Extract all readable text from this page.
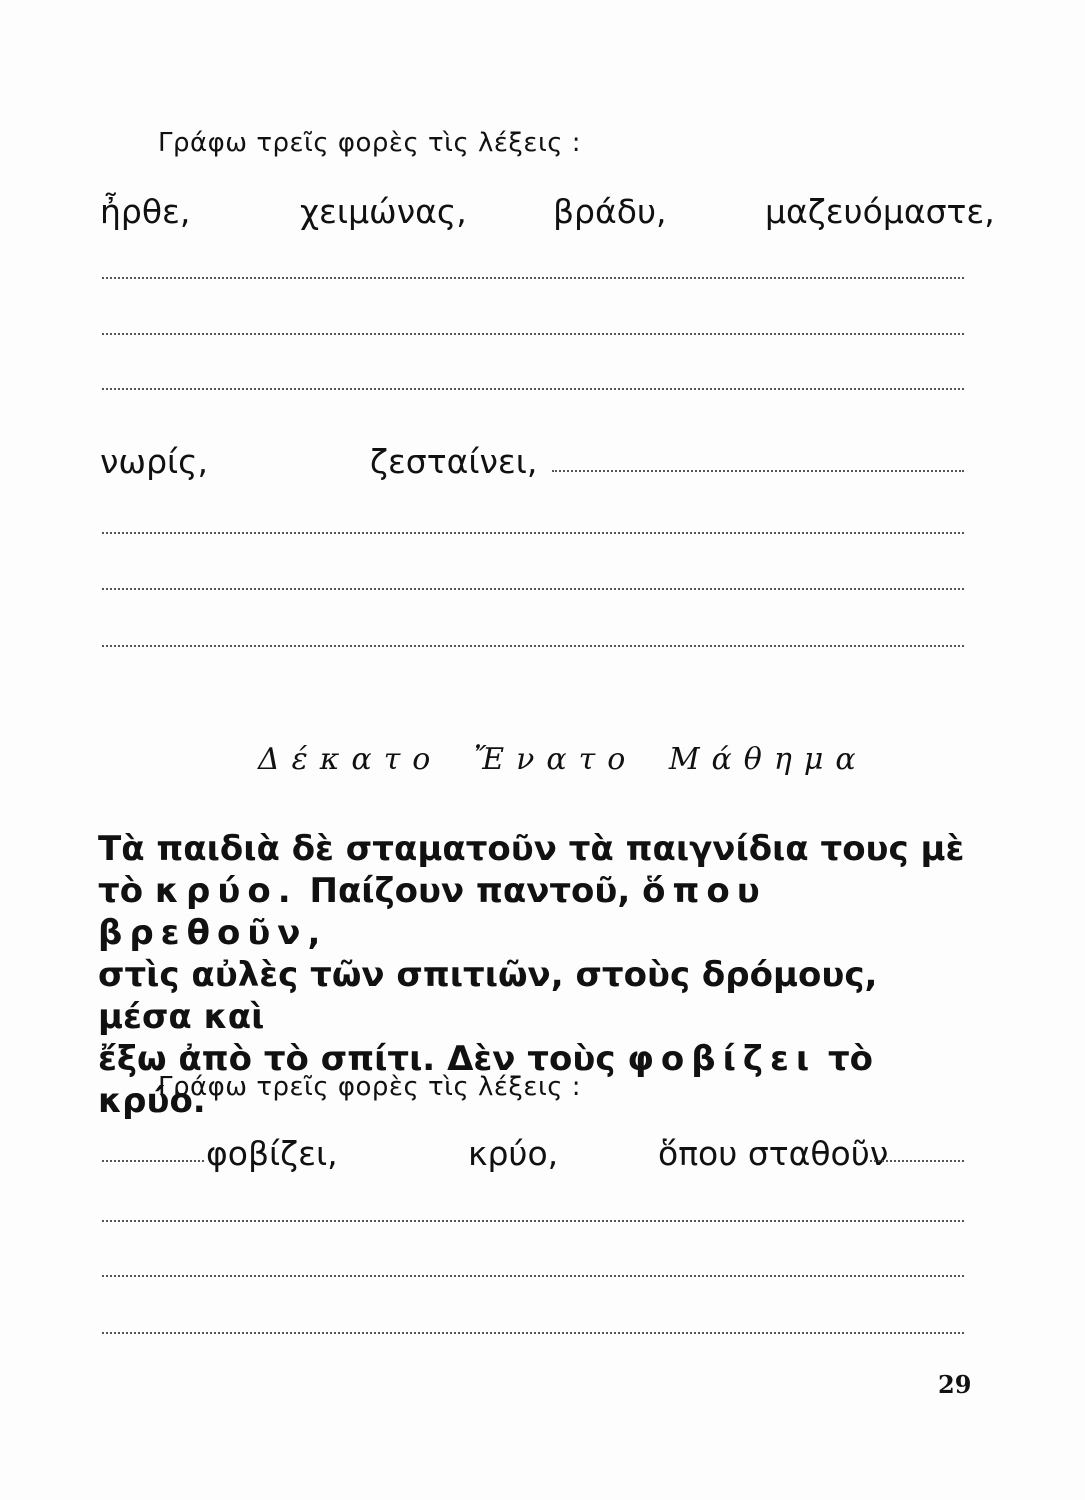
Γράφω τρεῖς φορὲς τὶς λέξεις :
ἦρθε,	χειμώνας,	βράδυ,	μαζευόμαστε,
νωρίς,	ζεσταίνει,
Δέκατο Ἔνατο Μάθημα
Τὰ παιδιὰ δὲ σταματοῦν τὰ παιγνίδια τους μὲ
τὸ κρύο. Παίζουν παντοῦ, ὅπου βρεθοῦν,
στὶς αὐλὲς τῶν σπιτιῶν, στοὺς δρόμους, μέσα καὶ
ἔξω ἀπὸ τὸ σπίτι. Δὲν τοὺς φοβίζει τὸ κρύο.
Γράφω τρεῖς φορὲς τὶς λέξεις :
φοβίζει,	κρύο,	ὅπου σταθοῦν
29
